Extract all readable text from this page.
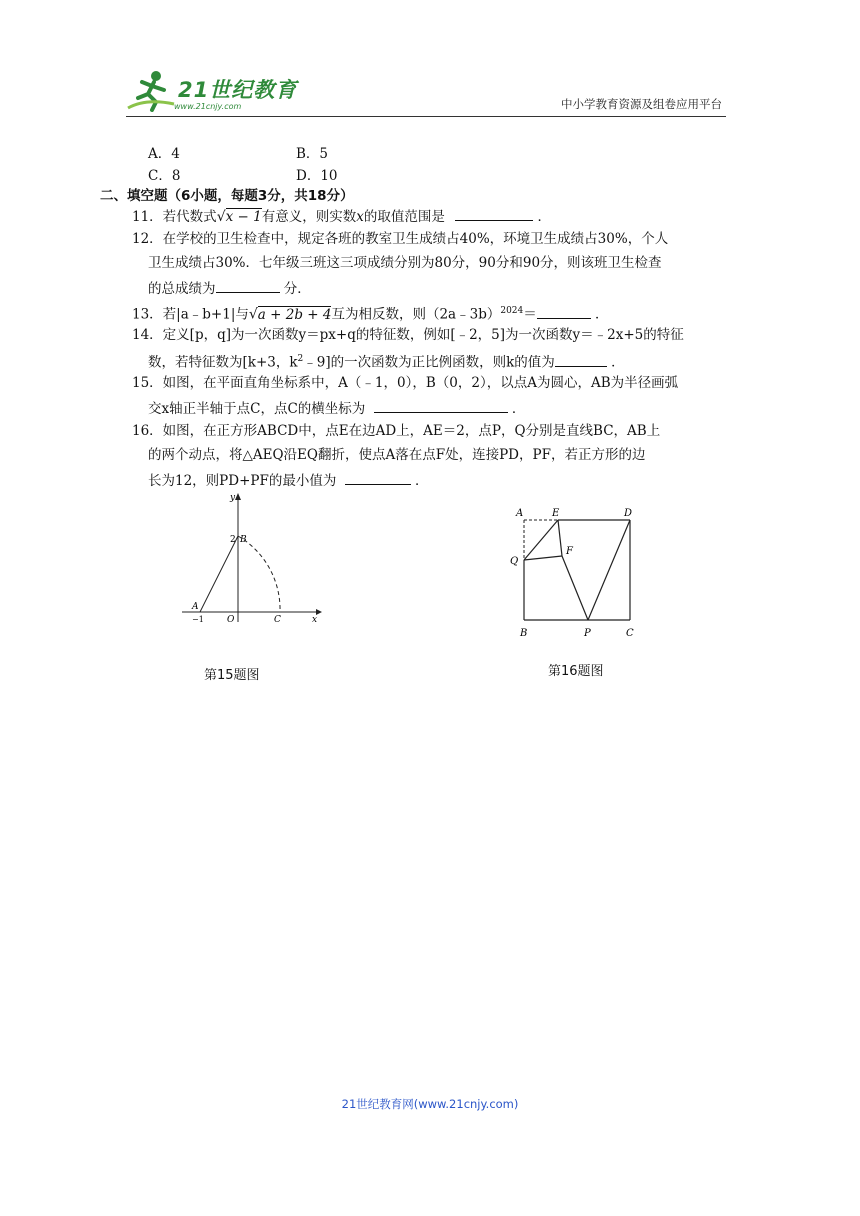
21世纪教育
www.21cnjy.com	中小学教育资源及组卷应用平台
A．4	B．5
C．8	D．10
二、填空题（6小题，每题3分，共18分）
11．若代数式√x − 1有意义，则实数x的取值范围是	．
12．在学校的卫生检查中，规定各班的教室卫生成绩占40%，环境卫生成绩占30%，个人
卫生成绩占30%．七年级三班这三项成绩分别为80分，90分和90分，则该班卫生检查
的总成绩为	分．
13．若|a﹣b+1|与√a + 2b + 4互为相反数，则（2a﹣3b）$^{2024}$＝	．
14．定义[p，q]为一次函数y＝px+q的特征数，例如[﹣2，5]为一次函数y＝﹣2x+5的特征
数，若特征数为[k+3，$k^2﹣9$]的一次函数为正比例函数，则k的值为	．
15．如图，在平面直角坐标系中，A（﹣1，0），B（0，2），以点A为圆心，AB为半径画弧
交x轴正半轴于点C，点C的横坐标为	．
16．如图，在正方形ABCD中，点E在边AD上，AE＝2，点P，Q分别是直线BC，AB上
的两个动点，将△AEQ沿EQ翻折，使点A落在点F处，连接PD，PF，若正方形的边
长为12，则PD+PF的最小值为	．
y
x
2 B
A
−1	O	C
第15题图
A	E	D
Q
F
B	P	C
第16题图
21世纪教育网(www.21cnjy.com)
